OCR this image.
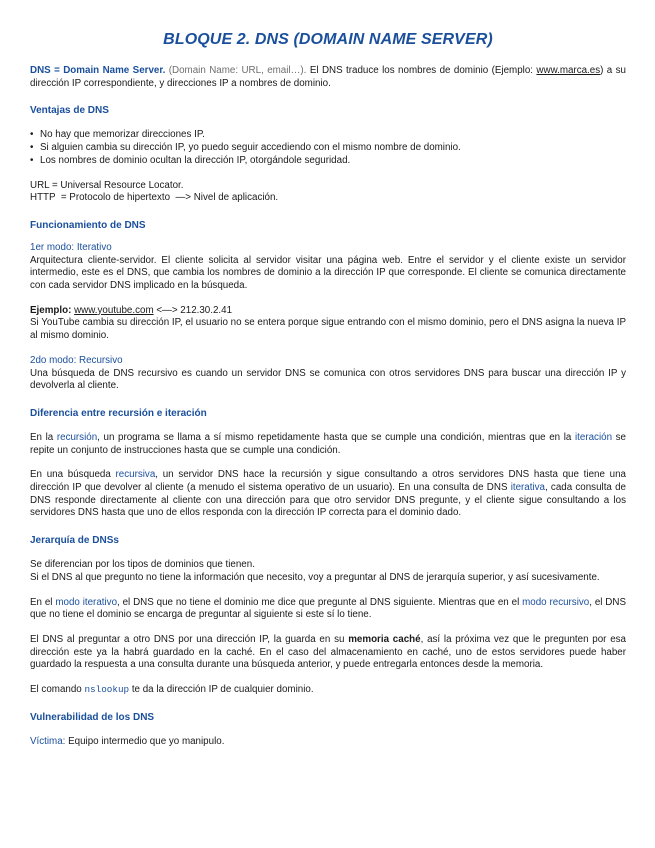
BLOQUE 2. DNS (DOMAIN NAME SERVER)

DNS = Domain Name Server. (Domain Name: URL, email…). El DNS traduce los nombres de dominio (Ejemplo: www.marca.es) a su dirección IP correspondiente, y direcciones IP a nombres de dominio.

Ventajas de DNS
• No hay que memorizar direcciones IP.
• Si alguien cambia su dirección IP, yo puedo seguir accediendo con el mismo nombre de dominio.
• Los nombres de dominio ocultan la dirección IP, otorgándole seguridad.

URL = Universal Resource Locator.

HTTP  = Protocolo de hipertexto  —> Nivel de aplicación.

Funcionamiento de DNS

1er modo: Iterativo

Arquitectura cliente-servidor. El cliente solicita al servidor visitar una página web. Entre el servidor y el cliente existe un servidor intermedio, este es el DNS, que cambia los nombres de dominio a la dirección IP que corresponde. El cliente se comunica directamente con cada servidor DNS implicado en la búsqueda.

Ejemplo: www.youtube.com <—> 212.30.2.41

Si YouTube cambia su dirección IP, el usuario no se entera porque sigue entrando con el mismo dominio, pero el DNS asigna la nueva IP al mismo dominio.

2do modo: Recursivo

Una búsqueda de DNS recursivo es cuando un servidor DNS se comunica con otros servidores DNS para buscar una dirección IP y devolverla al cliente.

Diferencia entre recursión e iteración

En la recursión, un programa se llama a sí mismo repetidamente hasta que se cumple una condición, mientras que en la iteración se repite un conjunto de instrucciones hasta que se cumple una condición.

En una búsqueda recursiva, un servidor DNS hace la recursión y sigue consultando a otros servidores DNS hasta que tiene una dirección IP que devolver al cliente (a menudo el sistema operativo de un usuario). En una consulta de DNS iterativa, cada consulta de DNS responde directamente al cliente con una dirección para que otro servidor DNS pregunte, y el cliente sigue consultando a los servidores DNS hasta que uno de ellos responda con la dirección IP correcta para el dominio dado.

Jerarquía de DNSs

Se diferencian por los tipos de dominios que tienen.

Si el DNS al que pregunto no tiene la información que necesito, voy a preguntar al DNS de jerarquía superior, y así sucesivamente.

En el modo iterativo, el DNS que no tiene el dominio me dice que pregunte al DNS siguiente. Mientras que en el modo recursivo, el DNS que no tiene el dominio se encarga de preguntar al siguiente si este sí lo tiene.

El DNS al preguntar a otro DNS por una dirección IP, la guarda en su memoria caché, así la próxima vez que le pregunten por esa dirección este ya la habrá guardado en la caché. En el caso del almacenamiento en caché, uno de estos servidores puede haber guardado la respuesta a una consulta durante una búsqueda anterior, y puede entregarla entonces desde la memoria.

El comando nslookup te da la dirección IP de cualquier dominio.

Vulnerabilidad de los DNS

Víctima: Equipo intermedio que yo manipulo.
